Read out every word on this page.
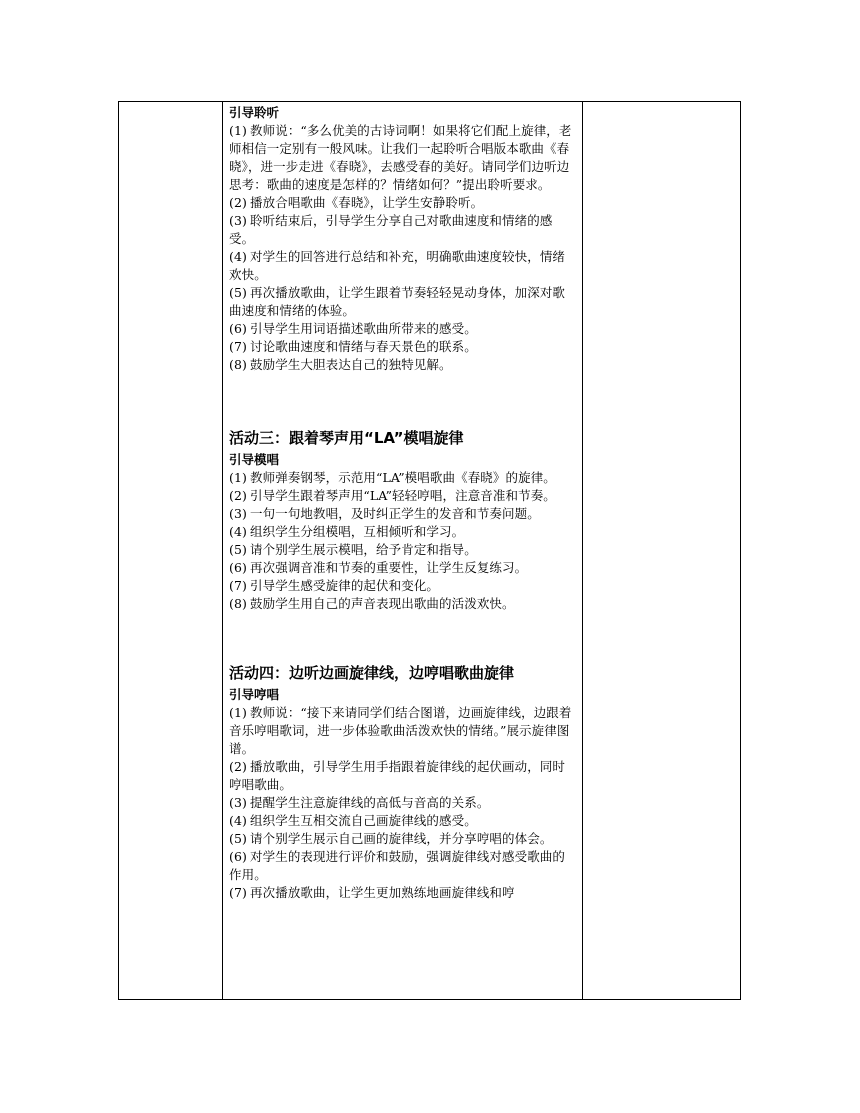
引导聆听

(1) 教师说：“多么优美的古诗词啊！如果将它们配上旋律，老师相信一定别有一般风味。让我们一起聆听合唱版本歌曲《春晓》，进一步走进《春晓》，去感受春的美好。请同学们边听边思考：歌曲的速度是怎样的？情绪如何？”提出聆听要求。

(2) 播放合唱歌曲《春晓》，让学生安静聆听。

(3) 聆听结束后，引导学生分享自己对歌曲速度和情绪的感受。

(4) 对学生的回答进行总结和补充，明确歌曲速度较快，情绪欢快。

(5) 再次播放歌曲，让学生跟着节奏轻轻晃动身体，加深对歌曲速度和情绪的体验。

(6) 引导学生用词语描述歌曲所带来的感受。

(7) 讨论歌曲速度和情绪与春天景色的联系。

(8) 鼓励学生大胆表达自己的独特见解。

活动三：跟着琴声用“LA”模唱旋律

引导模唱

(1) 教师弹奏钢琴，示范用“LA”模唱歌曲《春晓》的旋律。

(2) 引导学生跟着琴声用“LA”轻轻哼唱，注意音准和节奏。

(3) 一句一句地教唱，及时纠正学生的发音和节奏问题。

(4) 组织学生分组模唱，互相倾听和学习。

(5) 请个别学生展示模唱，给予肯定和指导。

(6) 再次强调音准和节奏的重要性，让学生反复练习。

(7) 引导学生感受旋律的起伏和变化。

(8) 鼓励学生用自己的声音表现出歌曲的活泼欢快。

活动四：边听边画旋律线，边哼唱歌曲旋律

引导哼唱

(1) 教师说：“接下来请同学们结合图谱，边画旋律线，边跟着音乐哼唱歌词，进一步体验歌曲活泼欢快的情绪。”展示旋律图谱。

(2) 播放歌曲，引导学生用手指跟着旋律线的起伏画动，同时哼唱歌曲。

(3) 提醒学生注意旋律线的高低与音高的关系。

(4) 组织学生互相交流自己画旋律线的感受。

(5) 请个别学生展示自己画的旋律线，并分享哼唱的体会。

(6) 对学生的表现进行评价和鼓励，强调旋律线对感受歌曲的作用。

(7) 再次播放歌曲，让学生更加熟练地画旋律线和哼
